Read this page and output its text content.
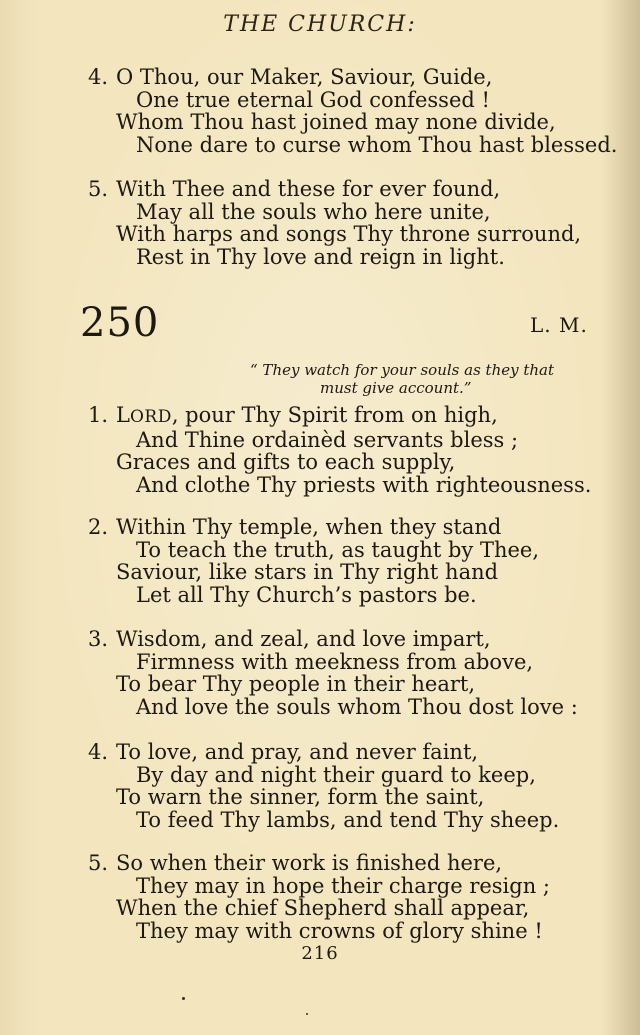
THE CHURCH:
4. O Thou, our Maker, Saviour, Guide,
One true eternal God confessed !
Whom Thou hast joined may none divide,
None dare to curse whom Thou hast blessed.
5. With Thee and these for ever found,
May all the souls who here unite,
With harps and songs Thy throne surround,
Rest in Thy love and reign in light.
250	L. M.
“ They watch for your souls as they that
must give account.”
1. LORD, pour Thy Spirit from on high,
And Thine ordainèd servants bless ;
Graces and gifts to each supply,
And clothe Thy priests with righteousness.
2. Within Thy temple, when they stand
To teach the truth, as taught by Thee,
Saviour, like stars in Thy right hand
Let all Thy Church’s pastors be.
3. Wisdom, and zeal, and love impart,
Firmness with meekness from above,
To bear Thy people in their heart,
And love the souls whom Thou dost love :
4. To love, and pray, and never faint,
By day and night their guard to keep,
To warn the sinner, form the saint,
To feed Thy lambs, and tend Thy sheep.
5. So when their work is finished here,
They may in hope their charge resign ;
When the chief Shepherd shall appear,
They may with crowns of glory shine !
216
